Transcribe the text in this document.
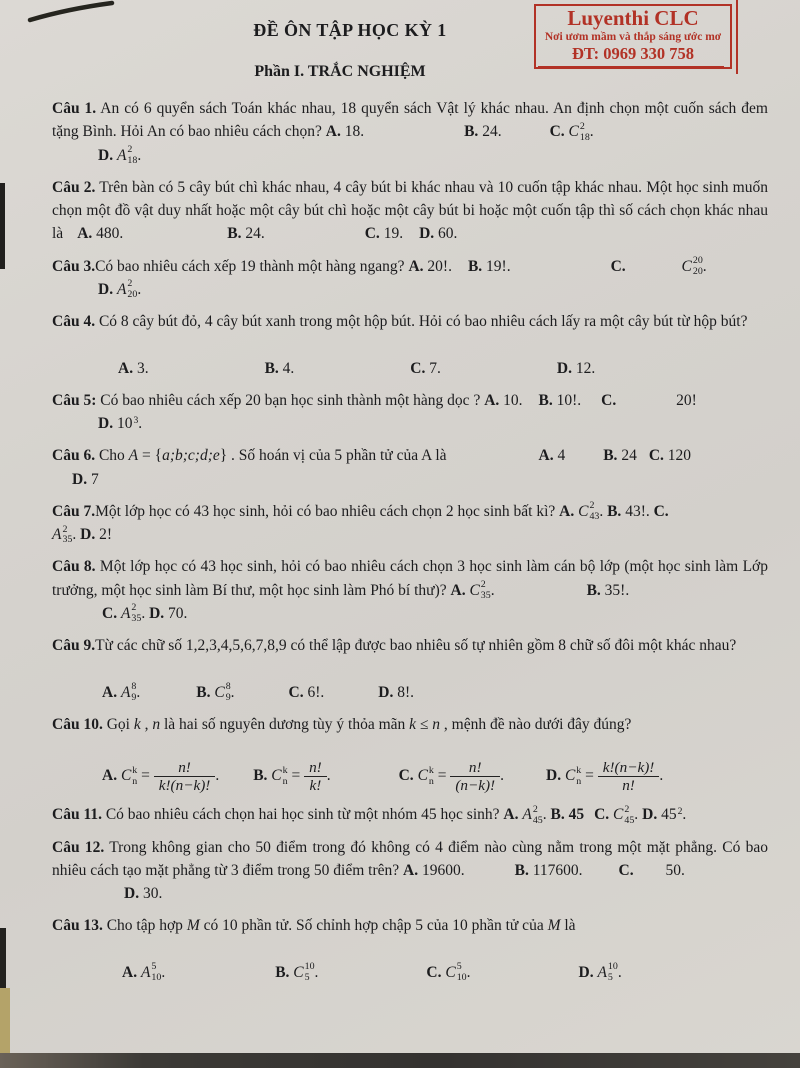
ĐỀ ÔN TẬP HỌC KỲ 1	Luyenthi CLC
Nơi ươm mầm và thắp sáng ước mơ
ĐT: 0969 330 758
Phần I. TRẮC NGHIỆM

Câu 1. An có 6 quyển sách Toán khác nhau, 18 quyển sách Vật lý khác nhau. An định chọn một cuốn sách đem tặng Bình. Hỏi An có bao nhiêu cách chọn? A. 18.	B. 24.	C. C 2
18 .
D. A 2
18 .

Câu 2. Trên bàn có 5 cây bút chì khác nhau, 4 cây bút bi khác nhau và 10 cuốn tập khác nhau. Một học sinh muốn chọn một đồ vật duy nhất hoặc một cây bút chì hoặc một cây bút bi hoặc một cuốn tập thì số cách chọn khác nhau là A. 480.	B. 24.	C. 19. D. 60.

Câu 3.Có bao nhiêu cách xếp 19 thành một hàng ngang? A. 20!. B. 19!.	C.	C 20
20 .
D. A 2
20 .

Câu 4. Có 8 cây bút đỏ, 4 cây bút xanh trong một hộp bút. Hỏi có bao nhiêu cách lấy ra một cây bút từ hộp bút?

A. 3.	B. 4.	C. 7.	D. 12.

Câu 5: Có bao nhiêu cách xếp 20 bạn học sinh thành một hàng dọc ? A. 10. B. 10!. C.	20!
D. $10^3$.

Câu 6. Cho A = {a;b;c;d;e} . Số hoán vị của 5 phần tử của A là	A. 4 B. 24 C. 120
D. 7

Câu 7.Một lớp học có 43 học sinh, hỏi có bao nhiêu cách chọn 2 học sinh bất kì? A. C 2
43 . B. 43!. C.
A 2
35 . D. 2!

Câu 8. Một lớp học có 43 học sinh, hỏi có bao nhiêu cách chọn 3 học sinh làm cán bộ lớp (một học sinh làm Lớp trưởng, một học sinh làm Bí thư, một học sinh làm Phó bí thư)? A. C 2
35 .	B. 35!.
C. A 2
35 . D. 70.

Câu 9.Từ các chữ số 1,2,3,4,5,6,7,8,9 có thể lập được bao nhiêu số tự nhiên gồm 8 chữ số đôi một khác nhau?

A. A 8
9 .	B. C 8
9 .	C. 6!.	D. 8!.

Câu 10. Gọi k , n là hai số nguyên dương tùy ý thỏa mãn k ≤ n , mệnh đề nào dưới đây đúng?

A. C k
$n = \frac{n!}{k!(n-k)!}$ . B. C k
$n = \frac{n!}{k!}$ .	C. C k
$n = \frac{n!}{(n-k)!}$ .	D. C k
$n = \frac{k!(n-k)!}{n!}$ .

Câu 11. Có bao nhiêu cách chọn hai học sinh từ một nhóm 45 học sinh? A. A 2
45 . B. 45 C. C 2
45 . D. $45^2$.

Câu 12. Trong không gian cho 50 điểm trong đó không có 4 điểm nào cùng nằm trong một mặt phẳng. Có bao nhiêu cách tạo mặt phẳng từ 3 điểm trong 50 điểm trên? A. 19600.	B. 117600. C. 50.
D. 30.

Câu 13. Cho tập hợp M có 10 phần tử. Số chỉnh hợp chập 5 của 10 phần tử của M là

A. A 5
10 .	B. C 10
5 .	C. C 5
10 .	D. A 10
5 .
